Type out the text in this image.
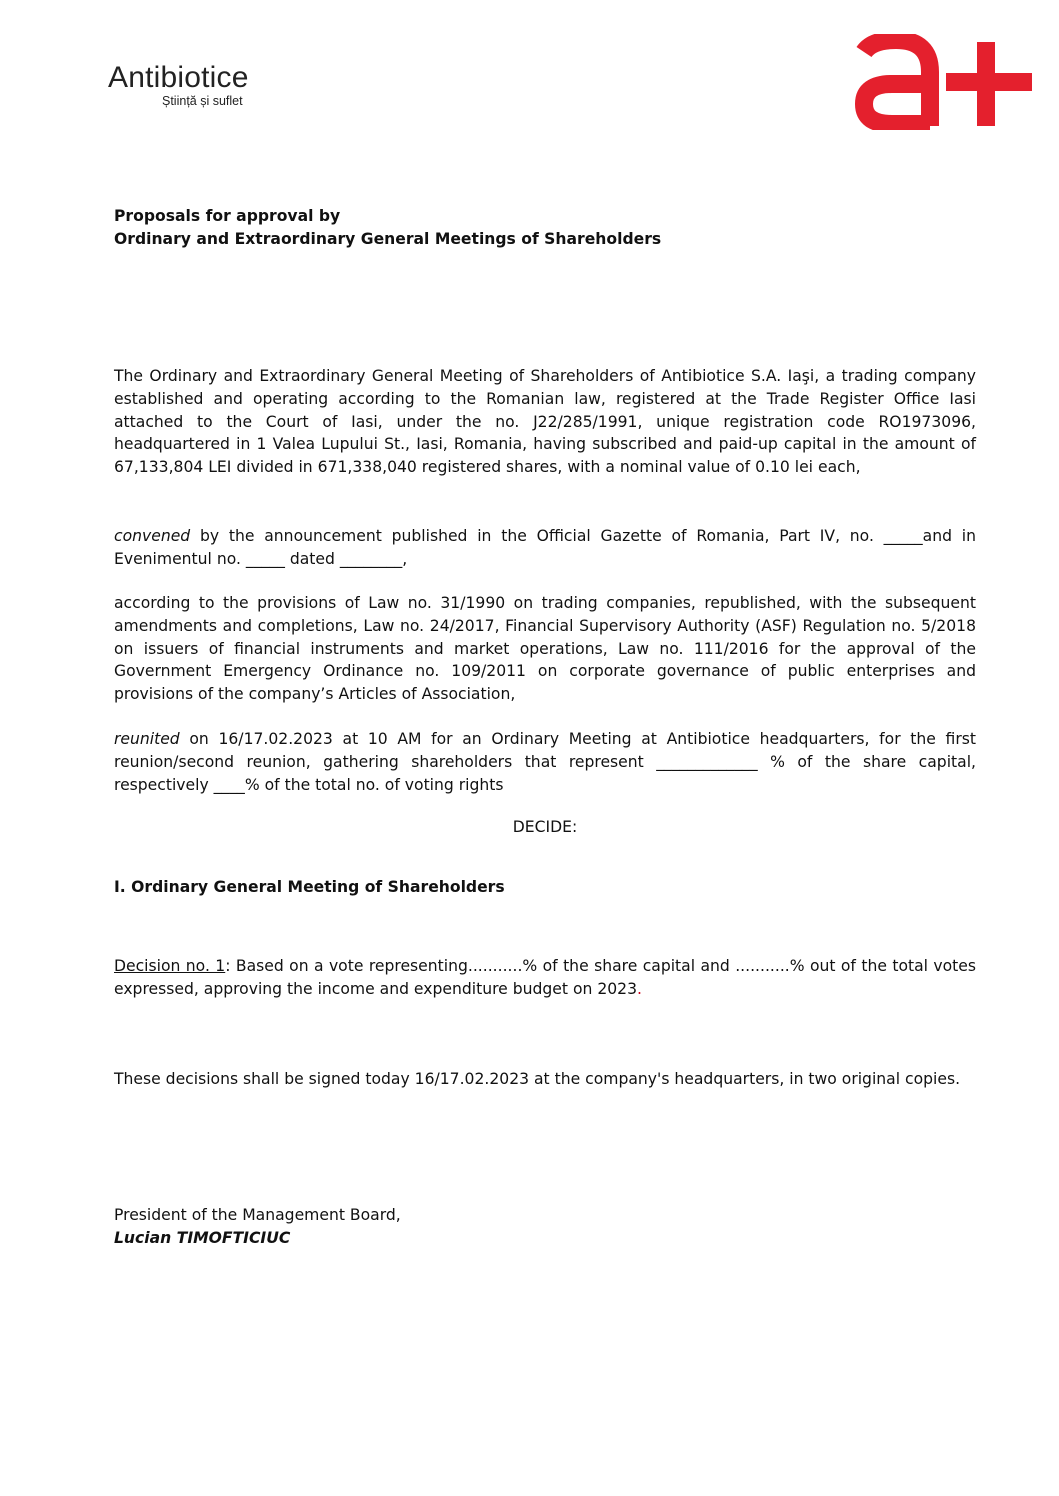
Antibiotice
Știință și suflet
Proposals for approval by
Ordinary and Extraordinary General Meetings of Shareholders

The Ordinary and Extraordinary General Meeting of Shareholders of Antibiotice S.A. Iaşi, a trading company established and operating according to the Romanian law, registered at the Trade Register Office Iasi attached to the Court of Iasi, under the no. J22/285/1991, unique registration code RO1973096, headquartered in 1 Valea Lupului St., Iasi, Romania, having subscribed and paid-up capital in the amount of 67,133,804 LEI divided in 671,338,040 registered shares, with a nominal value of 0.10 lei each,

convened by the announcement published in the Official Gazette of Romania, Part IV, no. _____and in Evenimentul no. _____ dated ________,

according to the provisions of Law no. 31/1990 on trading companies, republished, with the subsequent amendments and completions, Law no. 24/2017, Financial Supervisory Authority (ASF) Regulation no. 5/2018 on issuers of financial instruments and market operations, Law no. 111/2016 for the approval of the Government Emergency Ordinance no. 109/2011 on corporate governance of public enterprises and provisions of the company’s Articles of Association,

reunited on 16/17.02.2023 at 10 AM for an Ordinary Meeting at Antibiotice headquarters, for the first reunion/second reunion, gathering shareholders that represent _____________ % of the share capital, respectively ____% of the total no. of voting rights

DECIDE:
I. Ordinary General Meeting of Shareholders

Decision no. 1: Based on a vote representing...........% of the share capital and ...........% out of the total votes expressed, approving the income and expenditure budget on 2023.

These decisions shall be signed today 16/17.02.2023 at the company's headquarters, in two original copies.

President of the Management Board,
Lucian TIMOFTICIUC
